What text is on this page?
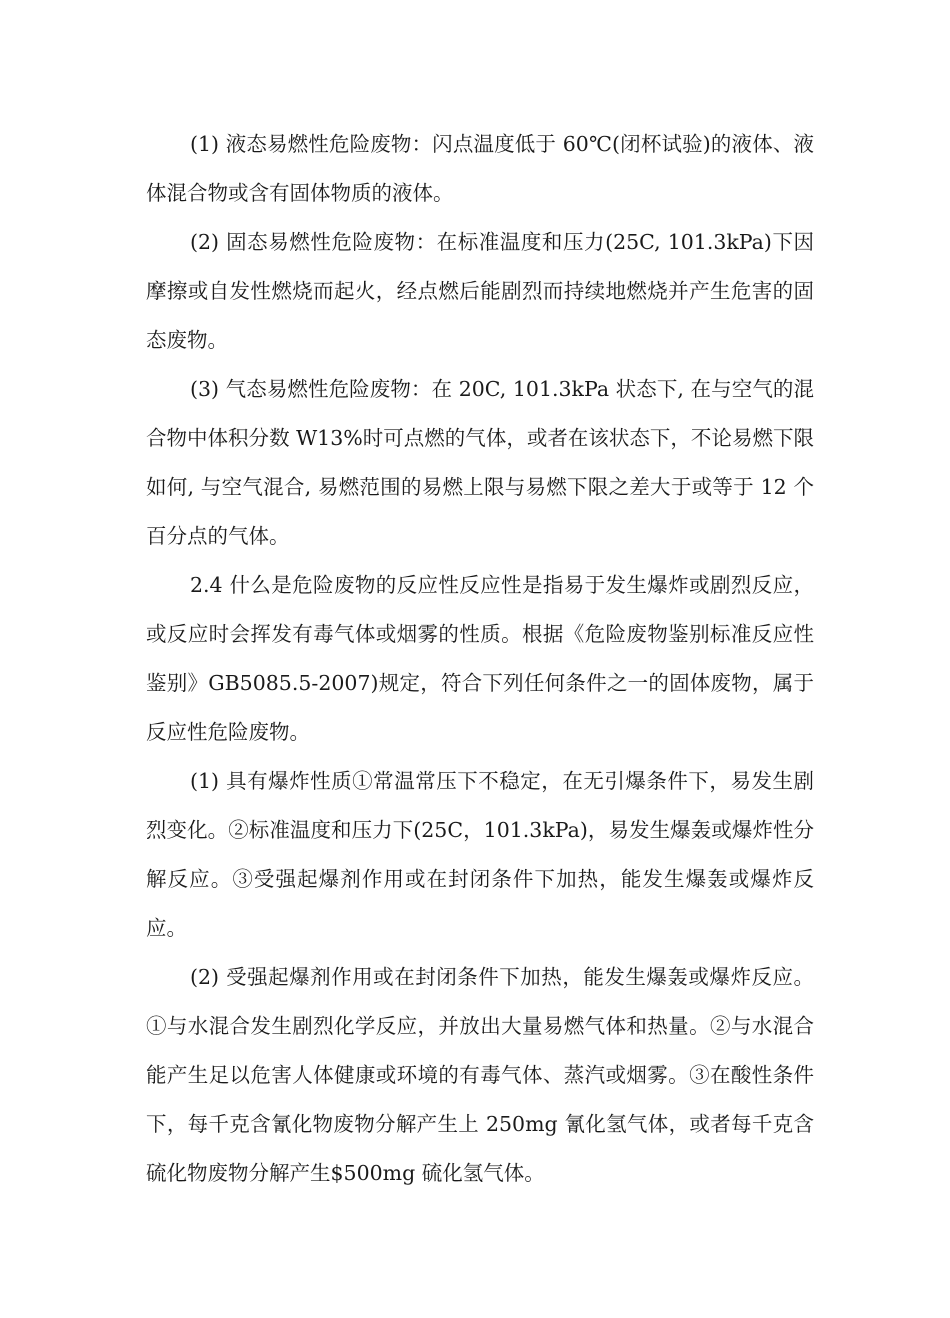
(1) 液态易燃性危险废物：闪点温度低于 60℃(闭杯试验)的液体、液体混合物或含有固体物质的液体。

(2) 固态易燃性危险废物：在标准温度和压力(25C, 101.3kPa)下因摩擦或自发性燃烧而起火，经点燃后能剧烈而持续地燃烧并产生危害的固态废物。

(3) 气态易燃性危险废物：在 20C, 101.3kPa 状态下, 在与空气的混合物中体积分数 W13%时可点燃的气体，或者在该状态下，不论易燃下限如何, 与空气混合, 易燃范围的易燃上限与易燃下限之差大于或等于 12 个百分点的气体。

2.4 什么是危险废物的反应性反应性是指易于发生爆炸或剧烈反应，或反应时会挥发有毒气体或烟雾的性质。根据《危险废物鉴别标准反应性鉴别》GB5085.5-2007)规定，符合下列任何条件之一的固体废物，属于反应性危险废物。

(1) 具有爆炸性质①常温常压下不稳定，在无引爆条件下，易发生剧烈变化。②标准温度和压力下(25C，101.3kPa)，易发生爆轰或爆炸性分解反应。③受强起爆剂作用或在封闭条件下加热，能发生爆轰或爆炸反应。

(2) 受强起爆剂作用或在封闭条件下加热，能发生爆轰或爆炸反应。①与水混合发生剧烈化学反应，并放出大量易燃气体和热量。②与水混合能产生足以危害人体健康或环境的有毒气体、蒸汽或烟雾。③在酸性条件下，每千克含氰化物废物分解产生上 250mg 氰化氢气体，或者每千克含硫化物废物分解产生$500mg 硫化氢气体。
